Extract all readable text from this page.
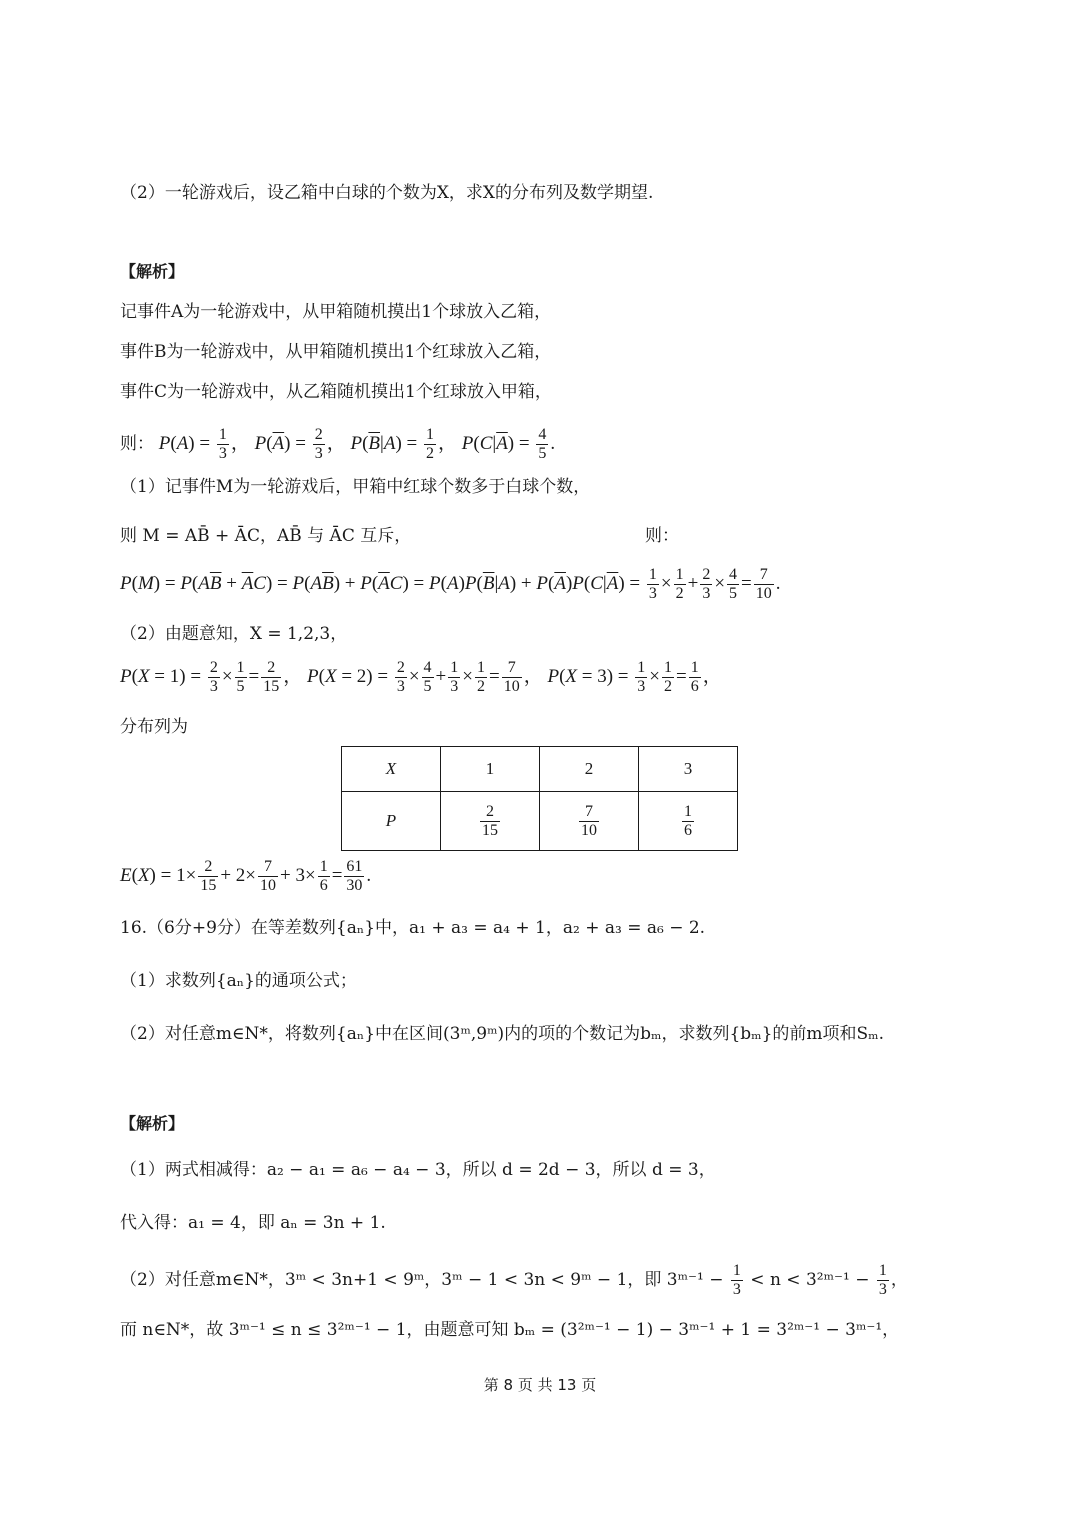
（2）一轮游戏后，设乙箱中白球的个数为X，求X的分布列及数学期望.
【解析】
记事件A为一轮游戏中，从甲箱随机摸出1个球放入乙箱，
事件B为一轮游戏中，从甲箱随机摸出1个红球放入乙箱，
事件C为一轮游戏中，从乙箱随机摸出1个红球放入甲箱，
则： $P(A) = \frac{1}{3}$ ， $P(\overline{A}) = \frac{2}{3}$ ， $P(\overline{B}|A) = \frac{1}{2}$ ， $P(C|\overline{A}) = \frac{4}{5}$ .
（1）记事件M为一轮游戏后，甲箱中红球个数多于白球个数，
则 M = AB̄ + ĀC，AB̄ 与 ĀC 互斥，	则：
$P(M) = P(A\overline{B} + \overline{A}C) = P(A\overline{B}) + P(\overline{A}C) = P(A)P(\overline{B}|A) + P(\overline{A})P(C|\overline{A}) = \frac{1}{3} \times \frac{1}{2} + \frac{2}{3} \times \frac{4}{5} = \frac{7}{10}$ .
（2）由题意知，X = 1,2,3，
$P(X = 1) = \frac{2}{3} \times \frac{1}{5} = \frac{2}{15}$ ， $P(X = 2) = \frac{2}{3} \times \frac{4}{5} + \frac{1}{3} \times \frac{1}{2} = \frac{7}{10}$ ， $P(X = 3) = \frac{1}{3} \times \frac{1}{2} = \frac{1}{6}$ ，
分布列为
X	1	2	3
P	$\frac{2}{15}$	$\frac{7}{10}$	$\frac{1}{6}$
$E(X) = 1\times \frac{2}{15} + 2\times \frac{7}{10} + 3\times \frac{1}{6} = \frac{61}{30}$ .
16.（6分+9分）在等差数列{aₙ}中，a₁ + a₃ = a₄ + 1，a₂ + a₃ = a₆ − 2.
（1）求数列{aₙ}的通项公式；
（2）对任意m∈N*，将数列{aₙ}中在区间(3ᵐ,9ᵐ)内的项的个数记为bₘ，求数列{bₘ}的前m项和Sₘ.
【解析】
（1）两式相减得：a₂ − a₁ = a₆ − a₄ − 3，所以 d = 2d − 3，所以 d = 3，
代入得：a₁ = 4，即 aₙ = 3n + 1.
（2）对任意m∈N*，3ᵐ < 3n+1 < 9ᵐ，3ᵐ − 1 < 3n < 9ᵐ − 1，即 3ᵐ⁻¹ − $\frac{1}{3} < n$ < 3²ᵐ⁻¹ − $\frac{1}{3}$ ，
而 n∈N*，故 3ᵐ⁻¹ ≤ n ≤ 3²ᵐ⁻¹ − 1，由题意可知 bₘ = (3²ᵐ⁻¹ − 1) − 3ᵐ⁻¹ + 1 = 3²ᵐ⁻¹ − 3ᵐ⁻¹，
第 8 页 共 13 页
